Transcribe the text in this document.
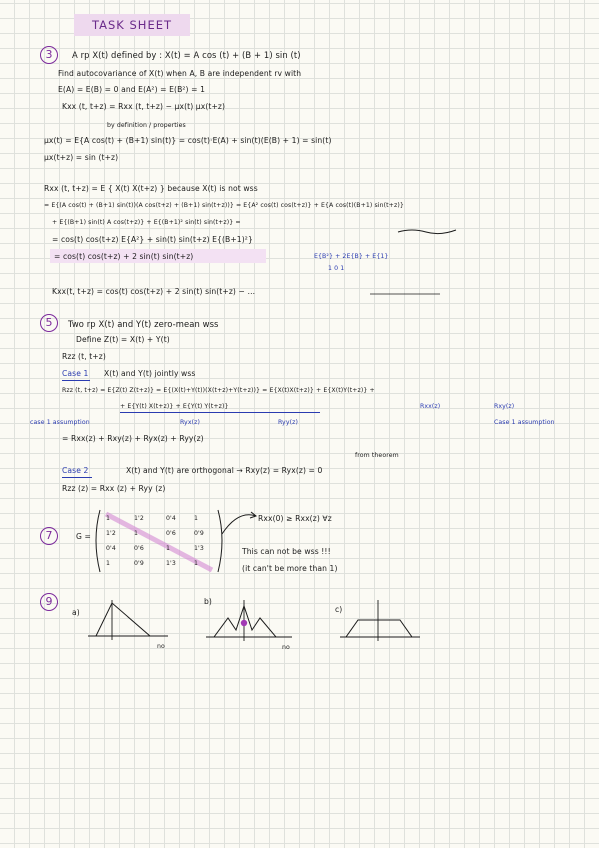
TASK SHEET
3	A rp X(t) defined by : X(t) = A cos (t) + (B + 1) sin (t)
Find autocovariance of X(t) when A, B are independent rv with
E(A) = E(B) = 0 and E(A²) = E(B²) = 1
Kxx (t, t+z) = Rxx (t, t+z) − μx(t) μx(t+z)
by definition / properties
μx(t) = E{A cos(t) + (B+1) sin(t)} = cos(t)·E(A) + sin(t)(E(B) + 1) = sin(t)
μx(t+z) = sin (t+z)
Rxx (t, t+z) = E { X(t) X(t+z) } because X(t) is not wss
= E{(A cos(t) + (B+1) sin(t))(A cos(t+z) + (B+1) sin(t+z))} = E{A² cos(t) cos(t+z)} + E{A cos(t)(B+1) sin(t+z)}
+ E{(B+1) sin(t) A cos(t+z)} + E{(B+1)² sin(t) sin(t+z)} =
= cos(t) cos(t+z) E{A²} + sin(t) sin(t+z) E{(B+1)²}
= cos(t) cos(t+z) + 2 sin(t) sin(t+z)	E{B²} + 2E{B} + E{1}
1 0 1
Kxx(t, t+z) = cos(t) cos(t+z) + 2 sin(t) sin(t+z) − …
5	Two rp X(t) and Y(t) zero-mean wss
Define Z(t) = X(t) + Y(t)
Rzz (t, t+z)
Case 1 X(t) and Y(t) jointly wss
Rzz (t, t+z) = E{Z(t) Z(t+z)} = E{(X(t)+Y(t))(X(t+z)+Y(t+z))} = E{X(t)X(t+z)} + E{X(t)Y(t+z)} +
+ E{Y(t) X(t+z)} + E{Y(t) Y(t+z)}	Rxx(z)	Rxy(z)
case 1 assumption	Ryx(z)	Ryy(z)	Case 1 assumption
= Rxx(z) + Rxy(z) + Ryx(z) + Ryy(z)
from theorem
Case 2	X(t) and Y(t) are orthogonal → Rxy(z) = Ryx(z) = 0
Rzz (z) = Rxx (z) + Ryy (z)
7	G =
1	1'2	0'4	1
1'2	1	0'6	0'9
0'4	0'6	1	1'3
1	0'9	1'3	1
Rxx(0) ≥ Rxx(z) ∀z
This can not be wss !!!
(it can't be more than 1)
9
a)
b)
c)
no	no
